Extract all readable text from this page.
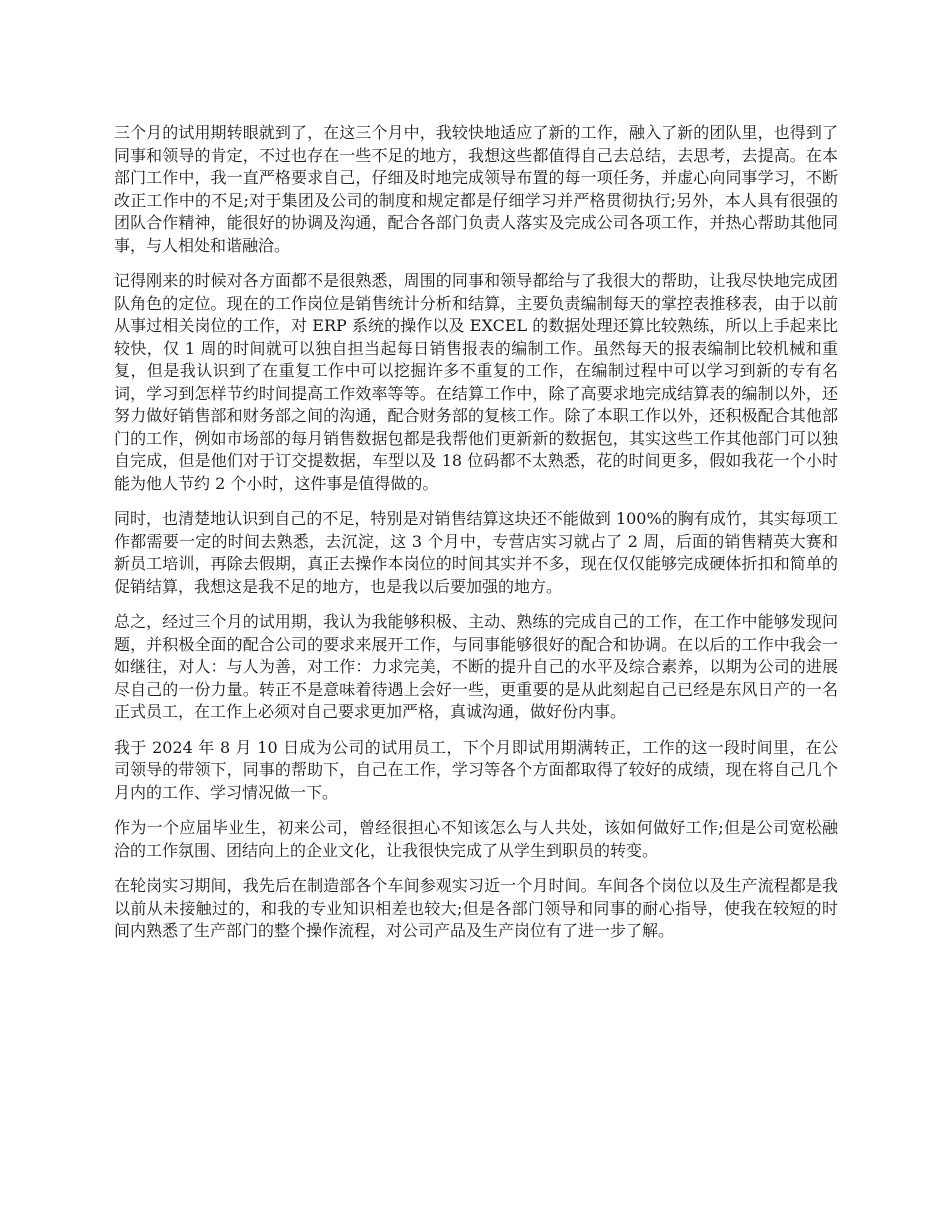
三个月的试用期转眼就到了，在这三个月中，我较快地适应了新的工作，融入了新的团队里，也得到了同事和领导的肯定，不过也存在一些不足的地方，我想这些都值得自己去总结，去思考，去提高。在本部门工作中，我一直严格要求自己，仔细及时地完成领导布置的每一项任务，并虚心向同事学习，不断改正工作中的不足;对于集团及公司的制度和规定都是仔细学习并严格贯彻执行;另外，本人具有很强的团队合作精神，能很好的协调及沟通，配合各部门负责人落实及完成公司各项工作，并热心帮助其他同事，与人相处和谐融洽。

记得刚来的时候对各方面都不是很熟悉，周围的同事和领导都给与了我很大的帮助，让我尽快地完成团队角色的定位。现在的工作岗位是销售统计分析和结算，主要负责编制每天的掌控表推移表，由于以前从事过相关岗位的工作，对 ERP 系统的操作以及 EXCEL 的数据处理还算比较熟练，所以上手起来比较快，仅 1 周的时间就可以独自担当起每日销售报表的编制工作。虽然每天的报表编制比较机械和重复，但是我认识到了在重复工作中可以挖掘许多不重复的工作，在编制过程中可以学习到新的专有名词，学习到怎样节约时间提高工作效率等等。在结算工作中，除了高要求地完成结算表的编制以外，还努力做好销售部和财务部之间的沟通，配合财务部的复核工作。除了本职工作以外，还积极配合其他部门的工作，例如市场部的每月销售数据包都是我帮他们更新新的数据包，其实这些工作其他部门可以独自完成，但是他们对于订交提数据，车型以及 18 位码都不太熟悉，花的时间更多，假如我花一个小时能为他人节约 2 个小时，这件事是值得做的。

同时，也清楚地认识到自己的不足，特别是对销售结算这块还不能做到 100%的胸有成竹，其实每项工作都需要一定的时间去熟悉，去沉淀，这 3 个月中，专营店实习就占了 2 周，后面的销售精英大赛和新员工培训，再除去假期，真正去操作本岗位的时间其实并不多，现在仅仅能够完成硬体折扣和简单的促销结算，我想这是我不足的地方，也是我以后要加强的地方。

总之，经过三个月的试用期，我认为我能够积极、主动、熟练的完成自己的工作，在工作中能够发现问题，并积极全面的配合公司的要求来展开工作，与同事能够很好的配合和协调。在以后的工作中我会一如继往，对人：与人为善，对工作：力求完美，不断的提升自己的水平及综合素养，以期为公司的进展尽自己的一份力量。转正不是意味着待遇上会好一些，更重要的是从此刻起自己已经是东风日产的一名正式员工，在工作上必须对自己要求更加严格，真诚沟通，做好份内事。

我于 2024 年 8 月 10 日成为公司的试用员工，下个月即试用期满转正，工作的这一段时间里，在公司领导的带领下，同事的帮助下，自己在工作，学习等各个方面都取得了较好的成绩，现在将自己几个月内的工作、学习情况做一下。

作为一个应届毕业生，初来公司，曾经很担心不知该怎么与人共处，该如何做好工作;但是公司宽松融洽的工作氛围、团结向上的企业文化，让我很快完成了从学生到职员的转变。

在轮岗实习期间，我先后在制造部各个车间参观实习近一个月时间。车间各个岗位以及生产流程都是我以前从未接触过的，和我的专业知识相差也较大;但是各部门领导和同事的耐心指导，使我在较短的时间内熟悉了生产部门的整个操作流程，对公司产品及生产岗位有了进一步了解。
